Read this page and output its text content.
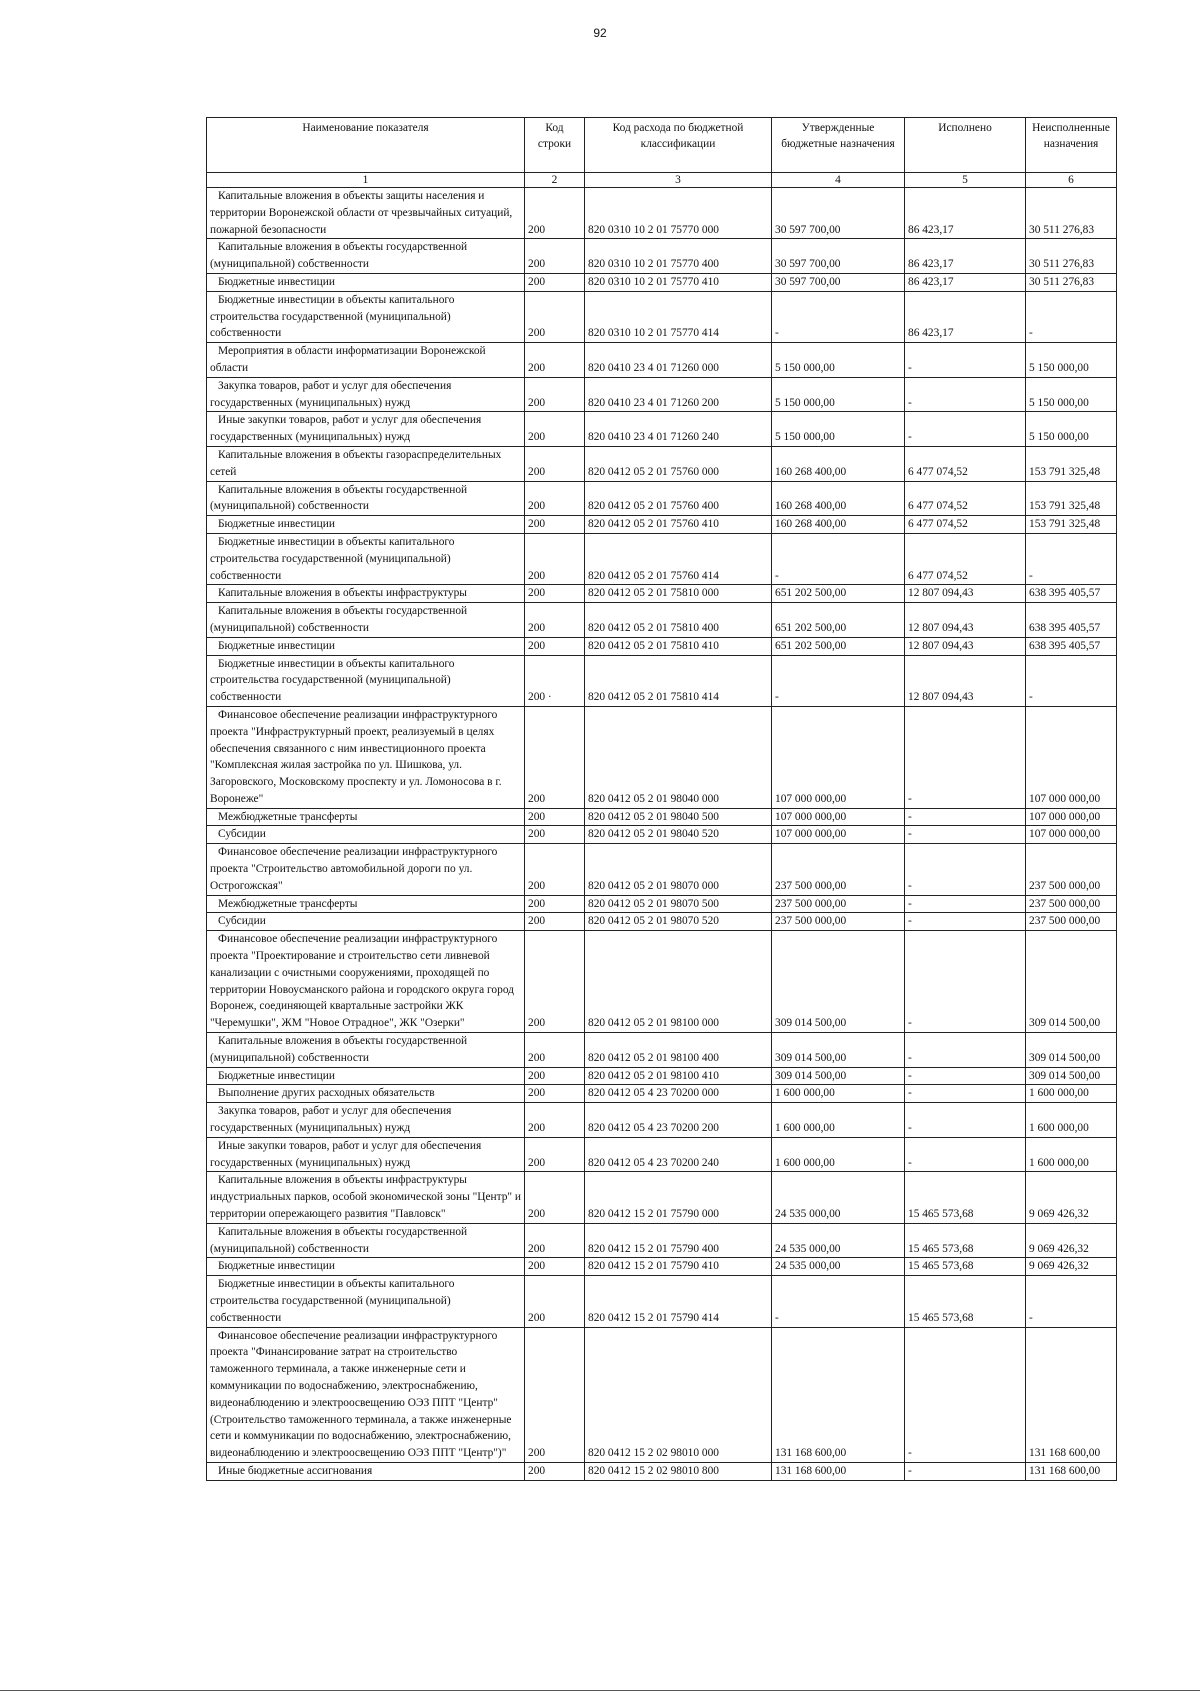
92
Наименование показателя	Код строки	Код расхода по бюджетной классификации	Утвержденные бюджетные назначения	Исполнено	Неисполненные назначения
1	2	3	4	5	6
Капитальные вложения в объекты защиты населения и территории Воронежской области от чрезвычайных ситуаций, пожарной безопасности	200	820 0310 10 2 01 75770 000	30 597 700,00	86 423,17	30 511 276,83
Капитальные вложения в объекты государственной (муниципальной) собственности	200	820 0310 10 2 01 75770 400	30 597 700,00	86 423,17	30 511 276,83
Бюджетные инвестиции	200	820 0310 10 2 01 75770 410	30 597 700,00	86 423,17	30 511 276,83
Бюджетные инвестиции в объекты капитального строительства государственной (муниципальной) собственности	200	820 0310 10 2 01 75770 414	-	86 423,17	-
Мероприятия в области информатизации Воронежской области	200	820 0410 23 4 01 71260 000	5 150 000,00	-	5 150 000,00
Закупка товаров, работ и услуг для обеспечения государственных (муниципальных) нужд	200	820 0410 23 4 01 71260 200	5 150 000,00	-	5 150 000,00
Иные закупки товаров, работ и услуг для обеспечения государственных (муниципальных) нужд	200	820 0410 23 4 01 71260 240	5 150 000,00	-	5 150 000,00
Капитальные вложения в объекты газораспределительных сетей	200	820 0412 05 2 01 75760 000	160 268 400,00	6 477 074,52	153 791 325,48
Капитальные вложения в объекты государственной (муниципальной) собственности	200	820 0412 05 2 01 75760 400	160 268 400,00	6 477 074,52	153 791 325,48
Бюджетные инвестиции	200	820 0412 05 2 01 75760 410	160 268 400,00	6 477 074,52	153 791 325,48
Бюджетные инвестиции в объекты капитального строительства государственной (муниципальной) собственности	200	820 0412 05 2 01 75760 414	-	6 477 074,52	-
Капитальные вложения в объекты инфраструктуры	200	820 0412 05 2 01 75810 000	651 202 500,00	12 807 094,43	638 395 405,57
Капитальные вложения в объекты государственной (муниципальной) собственности	200	820 0412 05 2 01 75810 400	651 202 500,00	12 807 094,43	638 395 405,57
Бюджетные инвестиции	200	820 0412 05 2 01 75810 410	651 202 500,00	12 807 094,43	638 395 405,57
Бюджетные инвестиции в объекты капитального строительства государственной (муниципальной) собственности	200 ·	820 0412 05 2 01 75810 414	-	12 807 094,43	-
Финансовое обеспечение реализации инфраструктурного проекта "Инфраструктурный проект, реализуемый в целях обеспечения связанного с ним инвестиционного проекта "Комплексная жилая застройка по ул. Шишкова, ул. Загоровского, Московскому проспекту и ул. Ломоносова в г. Воронеже"	200	820 0412 05 2 01 98040 000	107 000 000,00	-	107 000 000,00
Межбюджетные трансферты	200	820 0412 05 2 01 98040 500	107 000 000,00	-	107 000 000,00
Субсидии	200	820 0412 05 2 01 98040 520	107 000 000,00	-	107 000 000,00
Финансовое обеспечение реализации инфраструктурного проекта "Строительство автомобильной дороги по ул. Острогожская"	200	820 0412 05 2 01 98070 000	237 500 000,00	-	237 500 000,00
Межбюджетные трансферты	200	820 0412 05 2 01 98070 500	237 500 000,00	-	237 500 000,00
Субсидии	200	820 0412 05 2 01 98070 520	237 500 000,00	-	237 500 000,00
Финансовое обеспечение реализации инфраструктурного проекта "Проектирование и строительство сети ливневой канализации с очистными сооружениями, проходящей по территории Новоусманского района и городского округа город Воронеж, соединяющей квартальные застройки ЖК "Черемушки", ЖМ "Новое Отрадное", ЖК "Озерки"	200	820 0412 05 2 01 98100 000	309 014 500,00	-	309 014 500,00
Капитальные вложения в объекты государственной (муниципальной) собственности	200	820 0412 05 2 01 98100 400	309 014 500,00	-	309 014 500,00
Бюджетные инвестиции	200	820 0412 05 2 01 98100 410	309 014 500,00	-	309 014 500,00
Выполнение других расходных обязательств	200	820 0412 05 4 23 70200 000	1 600 000,00	-	1 600 000,00
Закупка товаров, работ и услуг для обеспечения государственных (муниципальных) нужд	200	820 0412 05 4 23 70200 200	1 600 000,00	-	1 600 000,00
Иные закупки товаров, работ и услуг для обеспечения государственных (муниципальных) нужд	200	820 0412 05 4 23 70200 240	1 600 000,00	-	1 600 000,00
Капитальные вложения в объекты инфраструктуры индустриальных парков, особой экономической зоны "Центр" и территории опережающего развития "Павловск"	200	820 0412 15 2 01 75790 000	24 535 000,00	15 465 573,68	9 069 426,32
Капитальные вложения в объекты государственной (муниципальной) собственности	200	820 0412 15 2 01 75790 400	24 535 000,00	15 465 573,68	9 069 426,32
Бюджетные инвестиции	200	820 0412 15 2 01 75790 410	24 535 000,00	15 465 573,68	9 069 426,32
Бюджетные инвестиции в объекты капитального строительства государственной (муниципальной) собственности	200	820 0412 15 2 01 75790 414	-	15 465 573,68	-
Финансовое обеспечение реализации инфраструктурного проекта "Финансирование затрат на строительство таможенного терминала, а также инженерные сети и коммуникации по водоснабжению, электроснабжению, видеонаблюдению и электроосвещению ОЭЗ ППТ "Центр" (Строительство таможенного терминала, а также инженерные сети и коммуникации по водоснабжению, электроснабжению, видеонаблюдению и электроосвещению ОЭЗ ППТ "Центр")"	200	820 0412 15 2 02 98010 000	131 168 600,00	-	131 168 600,00
Иные бюджетные ассигнования	200	820 0412 15 2 02 98010 800	131 168 600,00	-	131 168 600,00
